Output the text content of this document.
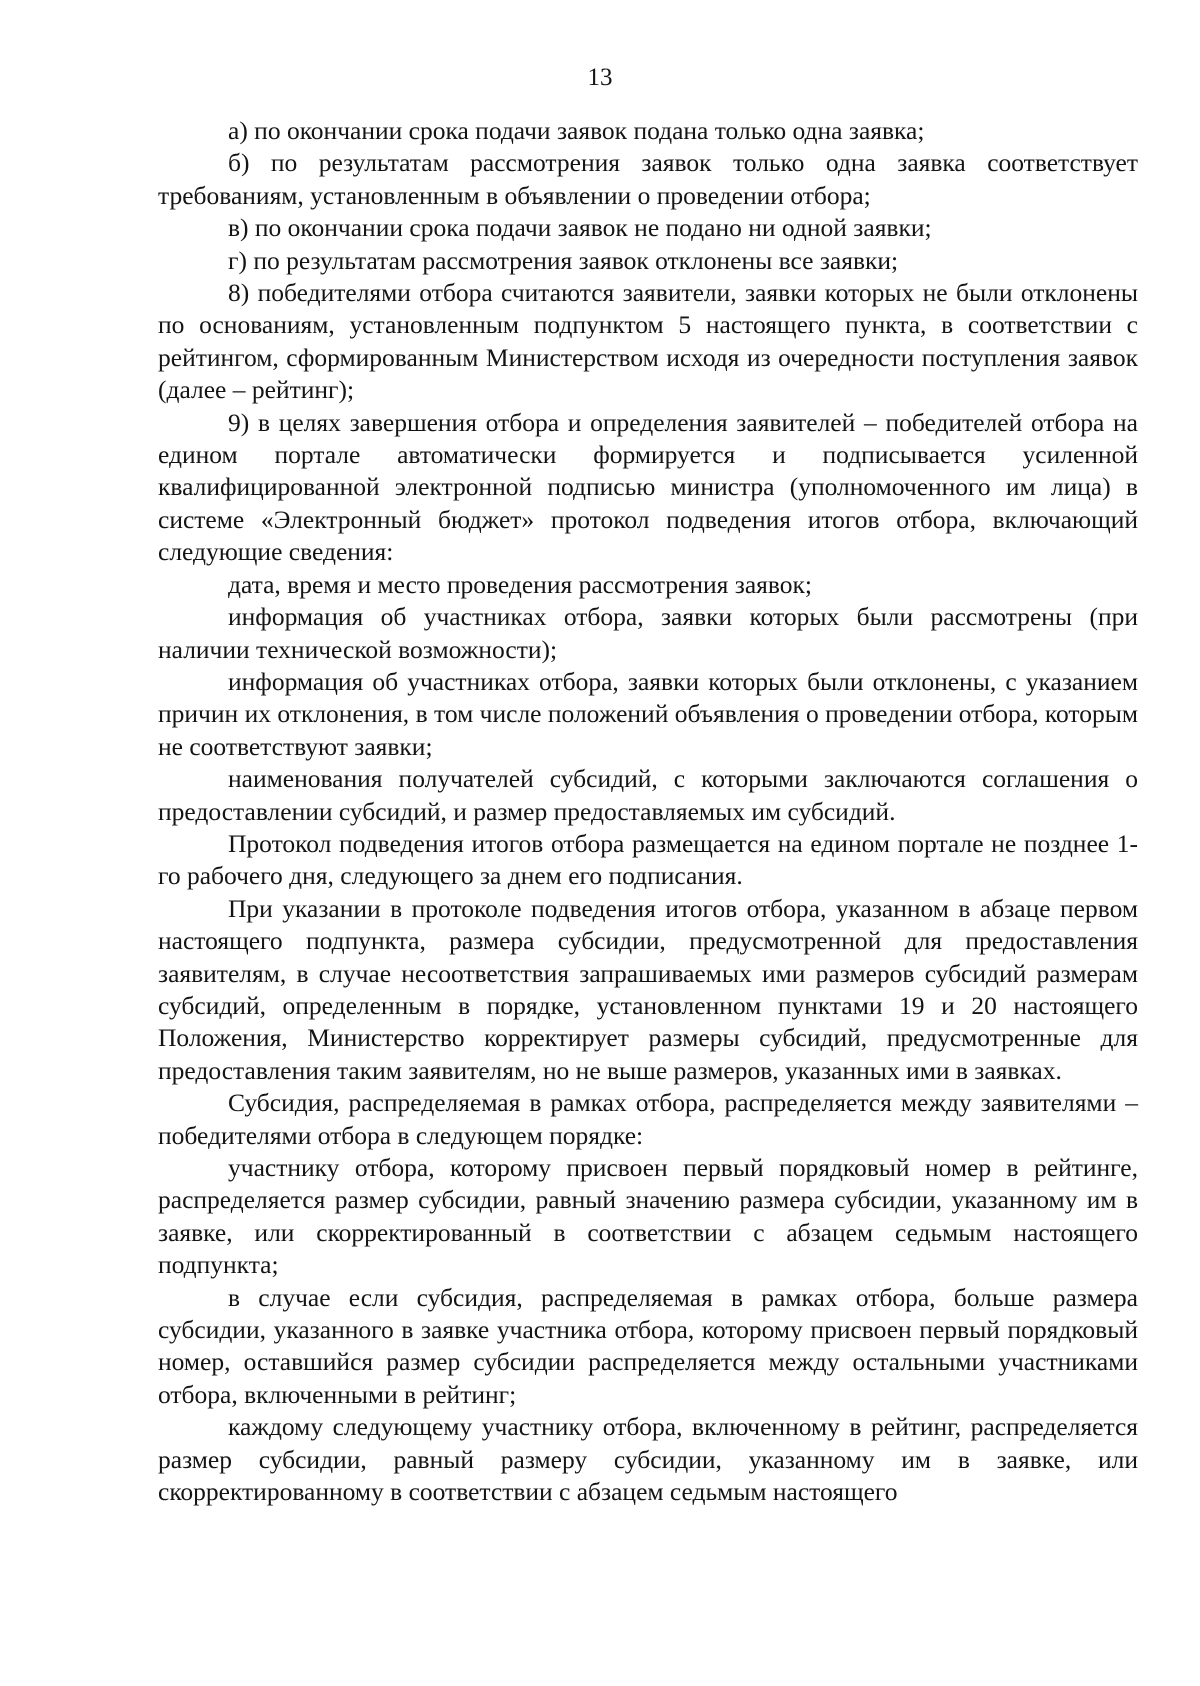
13

а) по окончании срока подачи заявок подана только одна заявка;

б) по результатам рассмотрения заявок только одна заявка соответствует требованиям, установленным в объявлении о проведении отбора;

в) по окончании срока подачи заявок не подано ни одной заявки;

г) по результатам рассмотрения заявок отклонены все заявки;

8) победителями отбора считаются заявители, заявки которых не были отклонены по основаниям, установленным подпунктом 5 настоящего пункта, в соответствии с рейтингом, сформированным Министерством исходя из очередности поступления заявок (далее – рейтинг);

9) в целях завершения отбора и определения заявителей – победителей отбора на едином портале автоматически формируется и подписывается усиленной квалифицированной электронной подписью министра (уполномоченного им лица) в системе «Электронный бюджет» протокол подведения итогов отбора, включающий следующие сведения:

дата, время и место проведения рассмотрения заявок;

информация об участниках отбора, заявки которых были рассмотрены (при наличии технической возможности);

информация об участниках отбора, заявки которых были отклонены, с указанием причин их отклонения, в том числе положений объявления о проведении отбора, которым не соответствуют заявки;

наименования получателей субсидий, с которыми заключаются соглашения о предоставлении субсидий, и размер предоставляемых им субсидий.

Протокол подведения итогов отбора размещается на едином портале не позднее 1-го рабочего дня, следующего за днем его подписания.

При указании в протоколе подведения итогов отбора, указанном в абзаце первом настоящего подпункта, размера субсидии, предусмотренной для предоставления заявителям, в случае несоответствия запрашиваемых ими размеров субсидий размерам субсидий, определенным в порядке, установленном пунктами 19 и 20 настоящего Положения, Министерство корректирует размеры субсидий, предусмотренные для предоставления таким заявителям, но не выше размеров, указанных ими в заявках.

Субсидия, распределяемая в рамках отбора, распределяется между заявителями – победителями отбора в следующем порядке:

участнику отбора, которому присвоен первый порядковый номер в рейтинге, распределяется размер субсидии, равный значению размера субсидии, указанному им в заявке, или скорректированный в соответствии с абзацем седьмым настоящего подпункта;

в случае если субсидия, распределяемая в рамках отбора, больше размера субсидии, указанного в заявке участника отбора, которому присвоен первый порядковый номер, оставшийся размер субсидии распределяется между остальными участниками отбора, включенными в рейтинг;

каждому следующему участнику отбора, включенному в рейтинг, распределяется размер субсидии, равный размеру субсидии, указанному им в заявке, или скорректированному в соответствии с абзацем седьмым настоящего
